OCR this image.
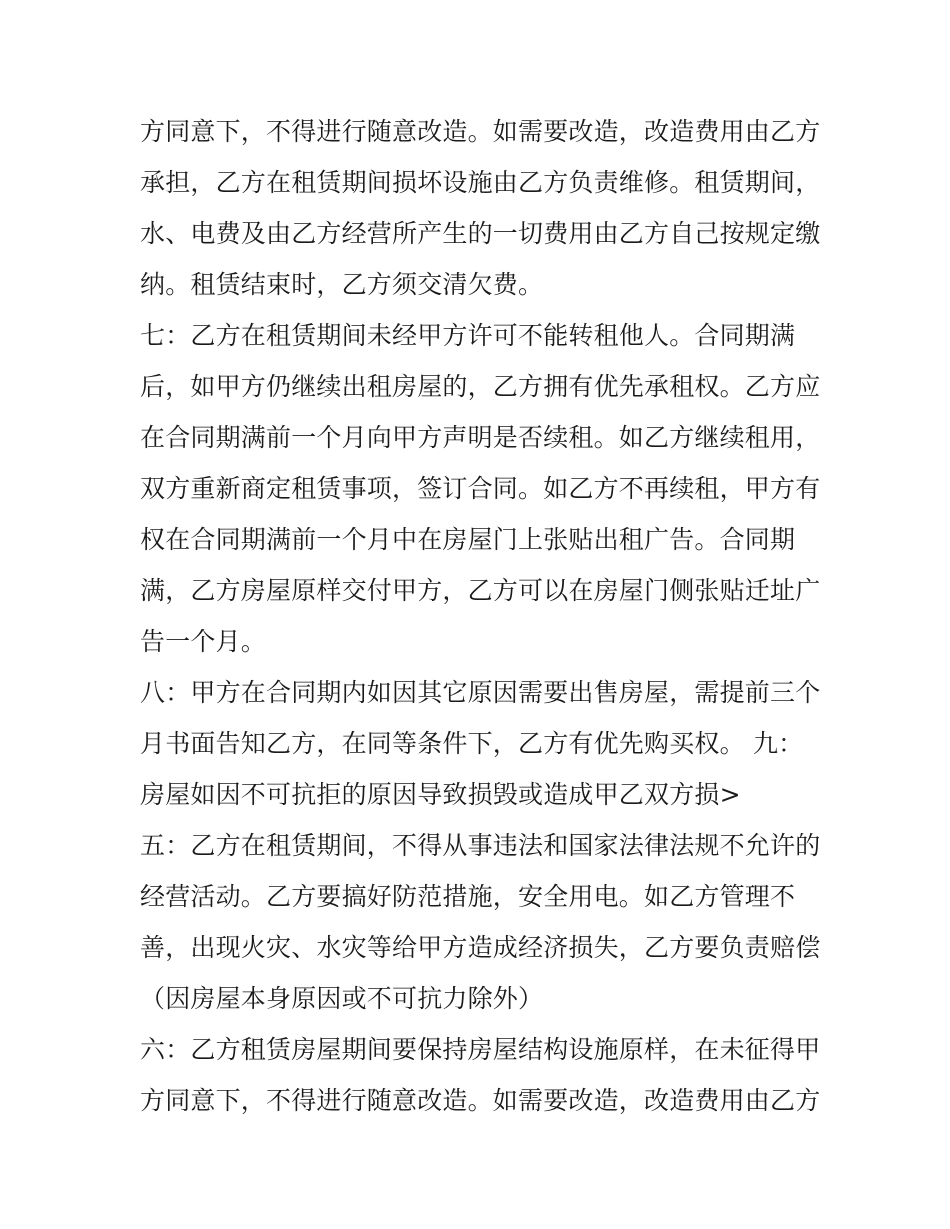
方同意下，不得进行随意改造。如需要改造，改造费用由乙方
承担，乙方在租赁期间损坏设施由乙方负责维修。租赁期间，
水、电费及由乙方经营所产生的一切费用由乙方自己按规定缴
纳。租赁结束时，乙方须交清欠费。
七：乙方在租赁期间未经甲方许可不能转租他人。合同期满
后，如甲方仍继续出租房屋的，乙方拥有优先承租权。乙方应
在合同期满前一个月向甲方声明是否续租。如乙方继续租用，
双方重新商定租赁事项，签订合同。如乙方不再续租，甲方有
权在合同期满前一个月中在房屋门上张贴出租广告。合同期
满，乙方房屋原样交付甲方，乙方可以在房屋门侧张贴迁址广
告一个月。
八：甲方在合同期内如因其它原因需要出售房屋，需提前三个
月书面告知乙方，在同等条件下，乙方有优先购买权。 九：
房屋如因不可抗拒的原因导致损毁或造成甲乙双方损>
五：乙方在租赁期间，不得从事违法和国家法律法规不允许的
经营活动。乙方要搞好防范措施，安全用电。如乙方管理不
善，出现火灾、水灾等给甲方造成经济损失，乙方要负责赔偿
（因房屋本身原因或不可抗力除外）
六：乙方租赁房屋期间要保持房屋结构设施原样，在未征得甲
方同意下，不得进行随意改造。如需要改造，改造费用由乙方
